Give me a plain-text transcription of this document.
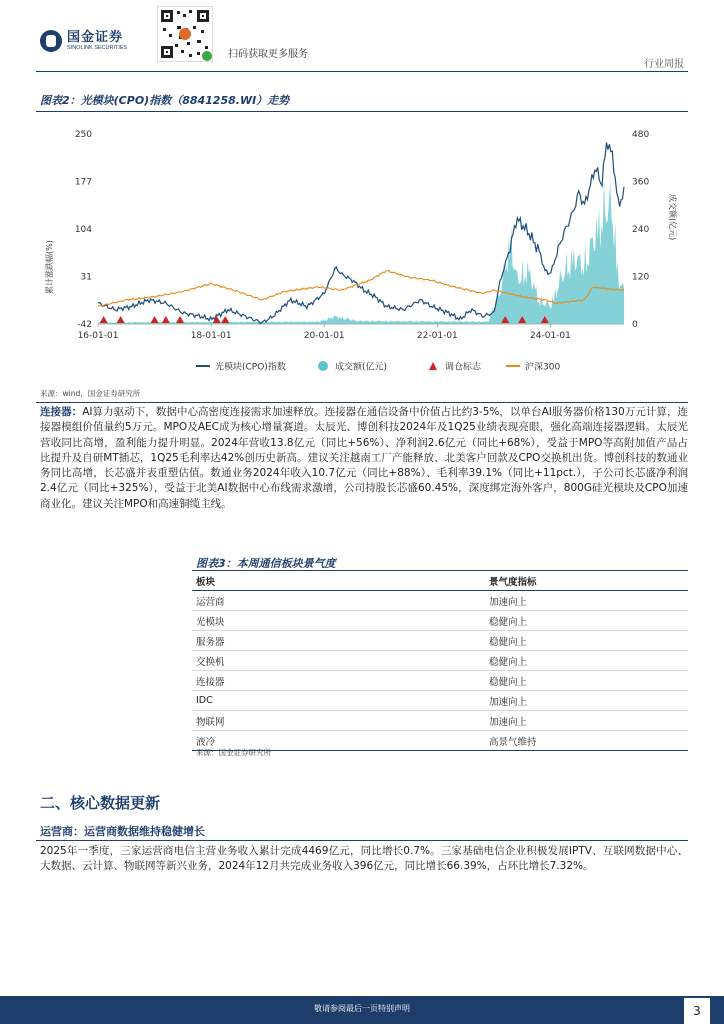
国金证券
SINOLINK SECURITIES
扫码获取更多服务
行业周报
图表2：光模块(CPO)指数（8841258.WI）走势
-42
31
104
177
250
0
120
240
360
480
16-01-01	18-01-01	20-01-01	22-01-01	24-01-01
累计涨跌幅(%)
成交额(亿元)
光模块(CPO)指数	成交额(亿元)	调仓标志	沪深300
来源：wind，国金证券研究所
连接器：AI算力驱动下，数据中心高密度连接需求加速释放。连接器在通信设备中价值占比约3-5%，以单台AI服务器价格130万元计算，连接器模组价值量约5万元。MPO及AEC成为核心增量赛道。太辰光、博创科技2024年及1Q25业绩表现亮眼，强化高端连接器逻辑。太辰光营收同比高增，盈利能力提升明显。2024年营收13.8亿元（同比+56%）、净利润2.6亿元（同比+68%），受益于MPO等高附加值产品占比提升及自研MT插芯，1Q25毛利率达42%创历史新高。建议关注越南工厂产能释放、北美客户回款及CPO交换机出货。博创科技的数通业务同比高增，长芯盛并表重塑估值。数通业务2024年收入10.7亿元（同比+88%）、毛利率39.1%（同比+11pct.），子公司长芯盛净利润2.4亿元（同比+325%），受益于北美AI数据中心布线需求激增，公司持股长芯盛60.45%，深度绑定海外客户，800G硅光模块及CPO加速商业化。建议关注MPO和高速铜缆主线。
图表3：本周通信板块景气度
板块	景气度指标
运营商	加速向上
光模块	稳健向上
服务器	稳健向上
交换机	稳健向上
连接器	稳健向上
IDC	加速向上
物联网	加速向上
液冷	高景气维持
来源：国金证券研究所
二、核心数据更新
运营商：运营商数据维持稳健增长
2025年一季度，三家运营商电信主营业务收入累计完成4469亿元，同比增长0.7%。三家基础电信企业积极发展IPTV、互联网数据中心、大数据、云计算、物联网等新兴业务，2024年12月共完成业务收入396亿元，同比增长66.39%，占环比增长7.32%。
敬请参阅最后一页特别声明	3
